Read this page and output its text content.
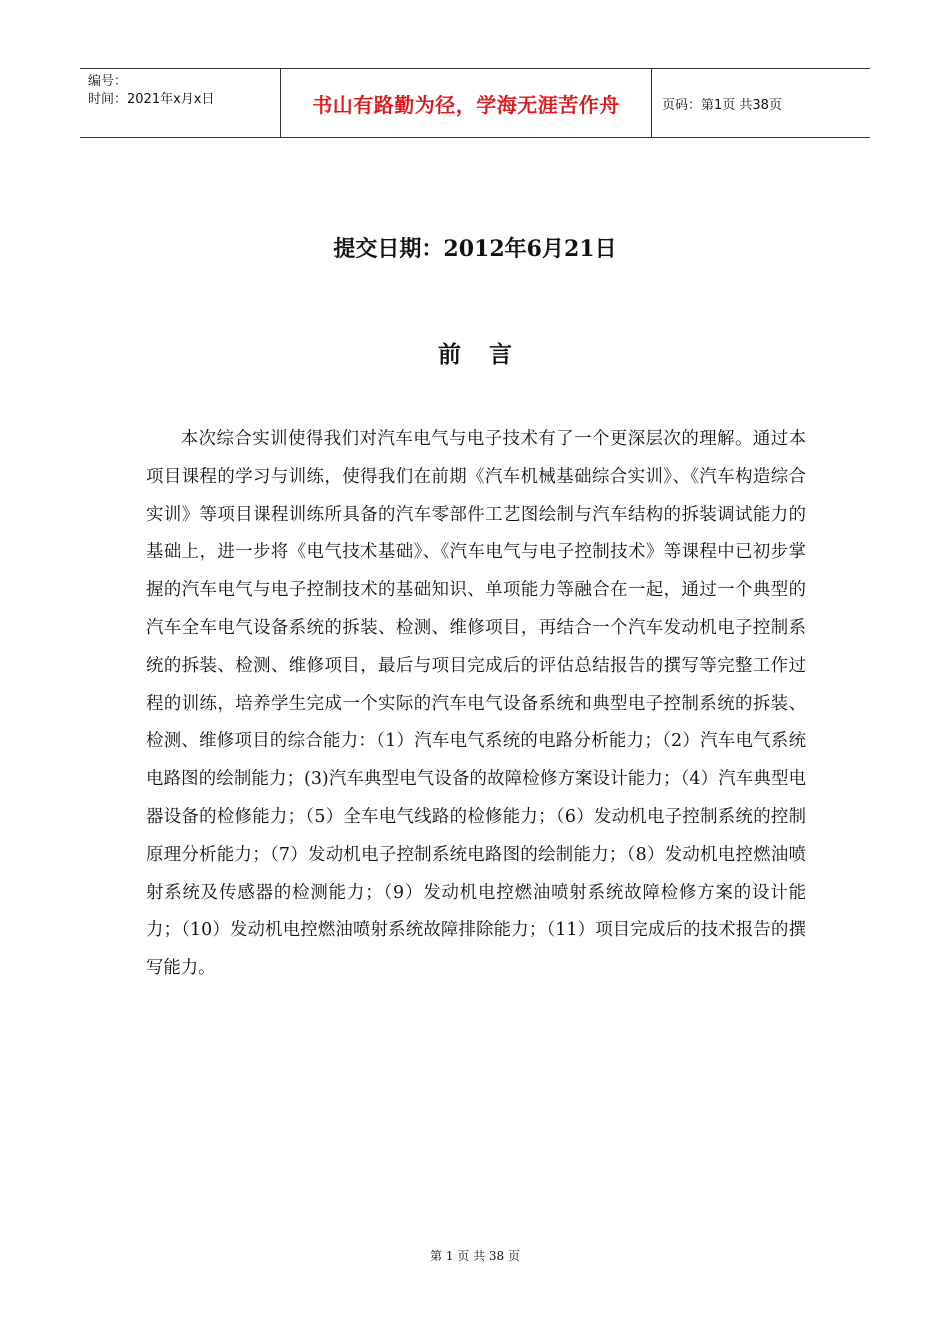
编号：
时间：2021年x月x日	书山有路勤为径，学海无涯苦作舟	页码：第1页 共38页
提交日期：2012年6月21日
前言
本次综合实训使得我们对汽车电气与电子技术有了一个更深层次的理解。通过本项目课程的学习与训练，使得我们在前期《汽车机械基础综合实训》、《汽车构造综合实训》等项目课程训练所具备的汽车零部件工艺图绘制与汽车结构的拆装调试能力的基础上，进一步将《电气技术基础》、《汽车电气与电子控制技术》等课程中已初步掌握的汽车电气与电子控制技术的基础知识、单项能力等融合在一起，通过一个典型的汽车全车电气设备系统的拆装、检测、维修项目，再结合一个汽车发动机电子控制系统的拆装、检测、维修项目，最后与项目完成后的评估总结报告的撰写等完整工作过程的训练，培养学生完成一个实际的汽车电气设备系统和典型电子控制系统的拆装、检测、维修项目的综合能力：（1）汽车电气系统的电路分析能力；（2）汽车电气系统电路图的绘制能力；(3)汽车典型电气设备的故障检修方案设计能力；（4）汽车典型电器设备的检修能力；（5）全车电气线路的检修能力；（6）发动机电子控制系统的控制原理分析能力；（7）发动机电子控制系统电路图的绘制能力；（8）发动机电控燃油喷射系统及传感器的检测能力；（9）发动机电控燃油喷射系统故障检修方案的设计能力；（10）发动机电控燃油喷射系统故障排除能力；（11）项目完成后的技术报告的撰写能力。
第 1 页 共 38 页
